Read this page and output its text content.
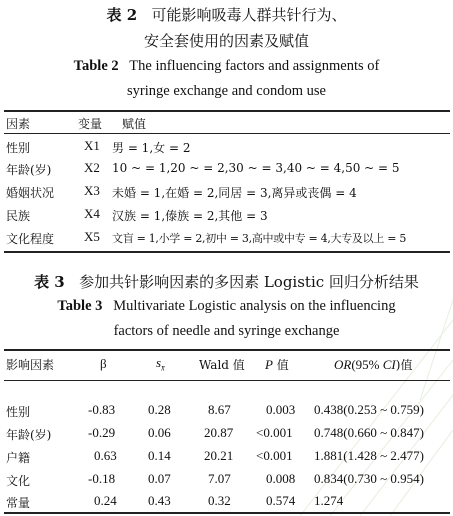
表 2 可能影响吸毒人群共针行为、
安全套使用的因素及赋值
Table 2 The influencing factors and assignments of
syringe exchange and condom use
因素	变量 赋值
性别	X1 男 = 1,女 = 2
年龄(岁)	X2 10 ~ = 1,20 ~ = 2,30 ~ = 3,40 ~ = 4,50 ~ = 5
婚姻状况 X3 未婚 = 1,在婚 = 2,同居 = 3,离异或丧偶 = 4
民族	X4 汉族 = 1,傣族 = 2,其他 = 3
文化程度 X5 文盲 = 1,小学 = 2,初中 = 3,高中或中专 = 4,大专及以上 = 5
表 3 参加共针影响因素的多因素 Logistic 回归分析结果
Table 3 Multivariate Logistic analysis on the influencing
factors of needle and syringe exchange
影响因素	β	$s_{x̄}$	Wald 值 P 值	OR(95% CI)值
性别	-0.83	0.28	8.67	0.003 0.438(0.253 ~ 0.759)
年龄(岁)	-0.29	0.06	20.87 <0.001 0.748(0.660 ~ 0.847)
户籍	0.63 0.14	20.21 <0.001 1.881(1.428 ~ 2.477)
文化	-0.18	0.07	7.07	0.008 0.834(0.730 ~ 0.954)
常量	0.24 0.43	0.32	0.574 1.274
